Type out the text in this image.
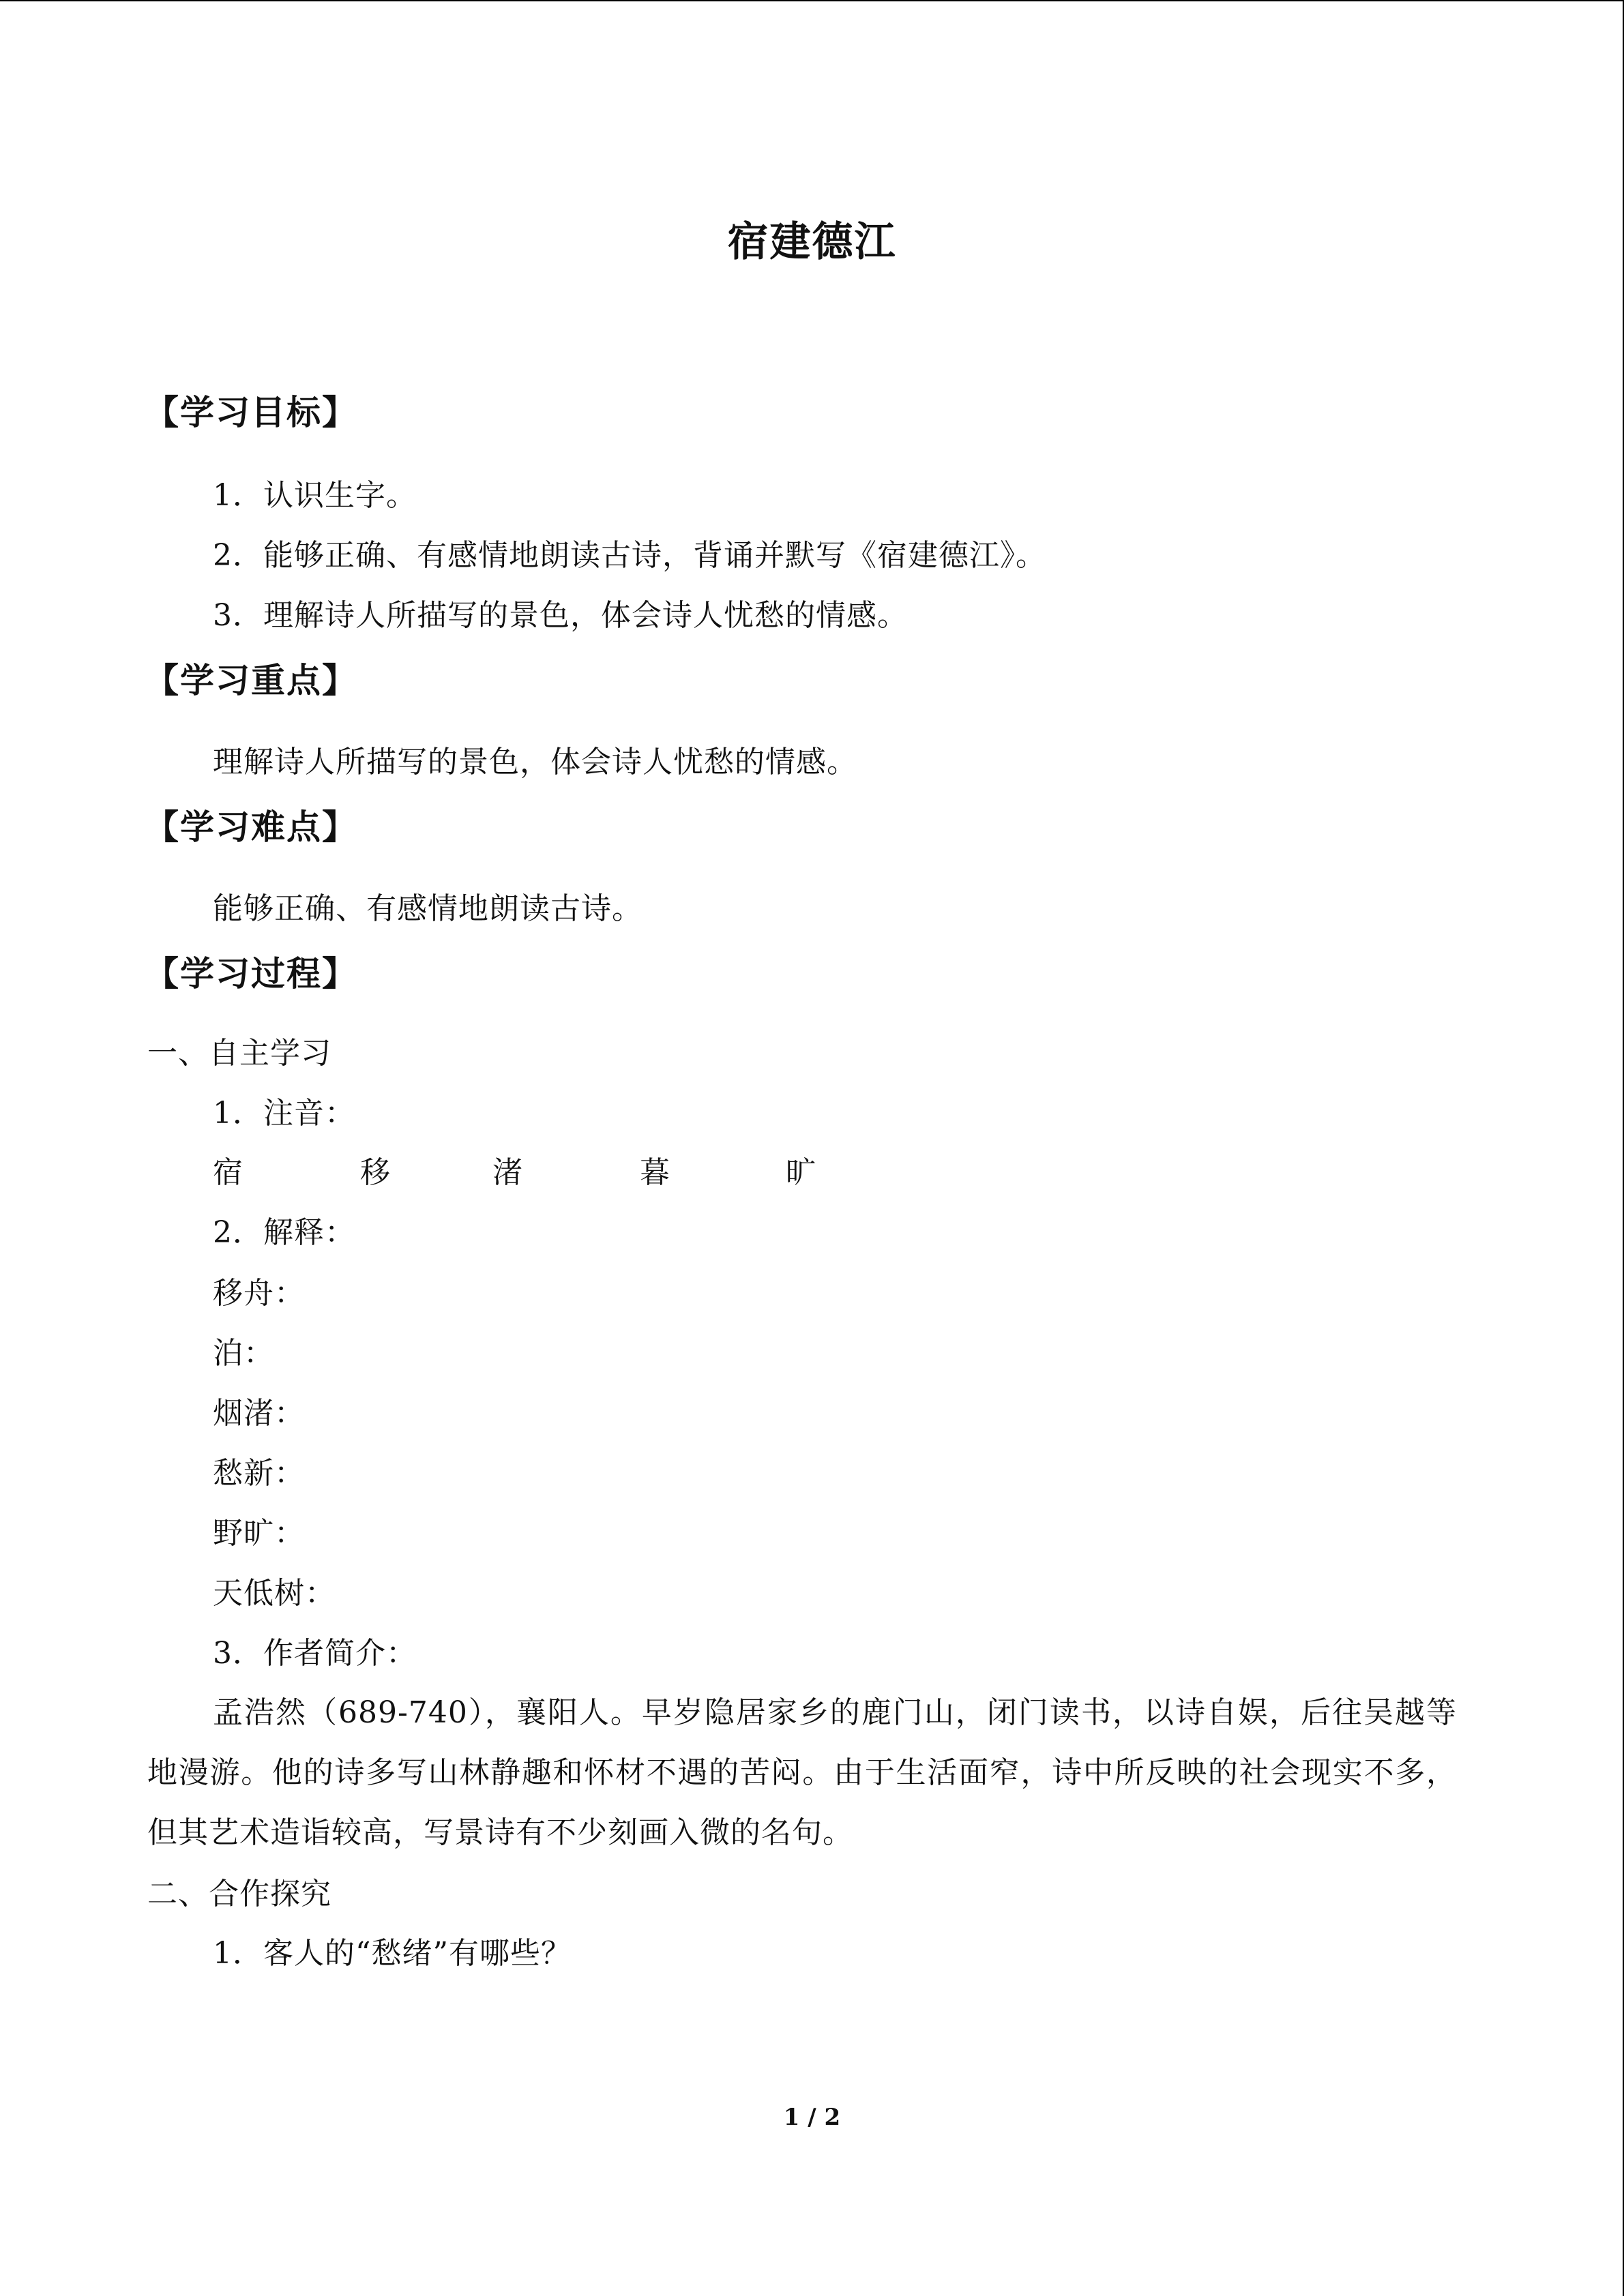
宿建德江
【学习目标】
1．认识生字。
2．能够正确、有感情地朗读古诗，背诵并默写《宿建德江》。
3．理解诗人所描写的景色，体会诗人忧愁的情感。
【学习重点】
理解诗人所描写的景色，体会诗人忧愁的情感。
【学习难点】
能够正确、有感情地朗读古诗。
【学习过程】
一、自主学习
1．注音：
宿	移	渚	暮	旷
2．解释：
移舟：
泊：
烟渚：
愁新：
野旷：
天低树：
3．作者简介：
孟浩然（689-740），襄阳人。早岁隐居家乡的鹿门山，闭门读书，以诗自娱，后往吴越等地漫游。他的诗多写山林静趣和怀材不遇的苦闷。由于生活面窄，诗中所反映的社会现实不多，但其艺术造诣较高，写景诗有不少刻画入微的名句。
二、合作探究
1．客人的“愁绪”有哪些？
1 / 2
